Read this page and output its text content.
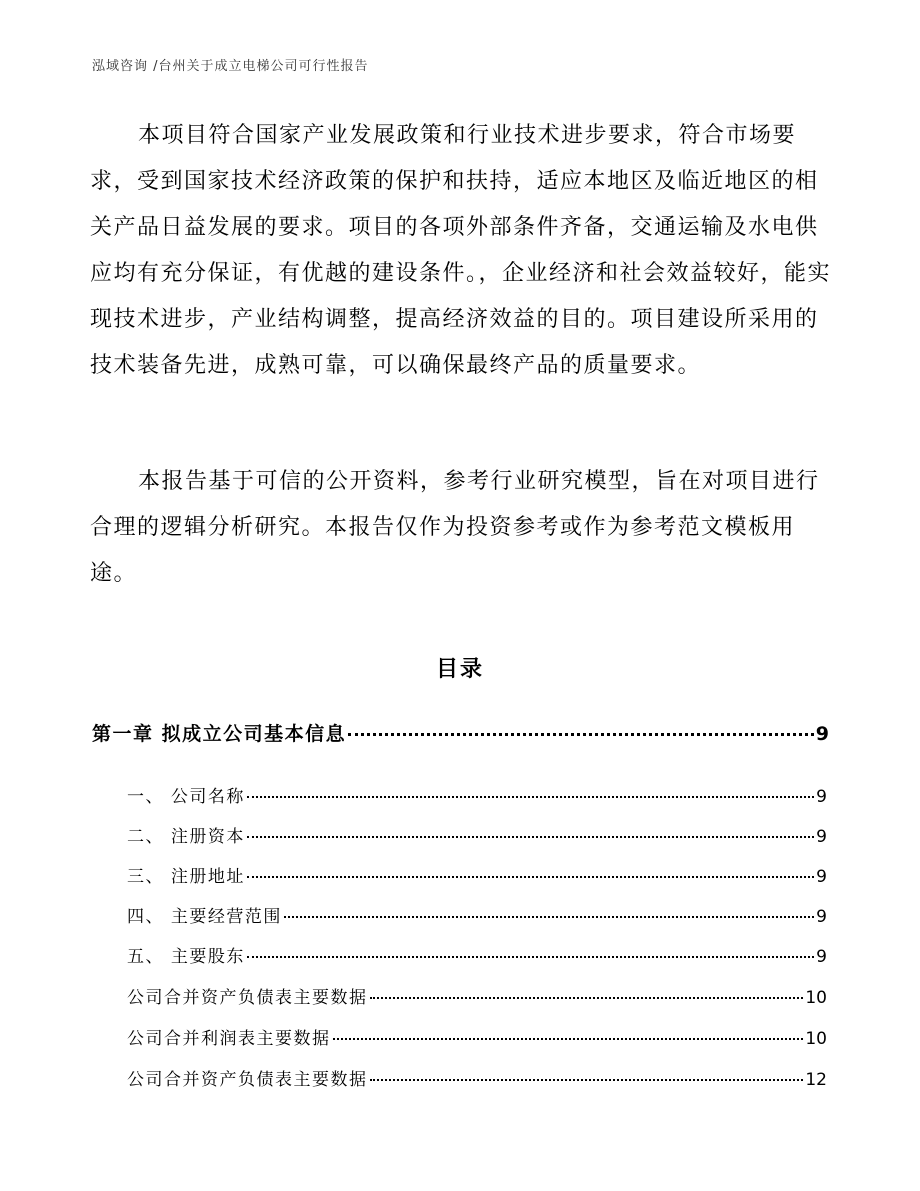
泓域咨询 /台州关于成立电梯公司可行性报告

本项目符合国家产业发展政策和行业技术进步要求，符合市场要求，受到国家技术经济政策的保护和扶持，适应本地区及临近地区的相关产品日益发展的要求。项目的各项外部条件齐备，交通运输及水电供应均有充分保证，有优越的建设条件。，企业经济和社会效益较好，能实现技术进步，产业结构调整，提高经济效益的目的。项目建设所采用的技术装备先进，成熟可靠，可以确保最终产品的质量要求。

本报告基于可信的公开资料，参考行业研究模型，旨在对项目进行合理的逻辑分析研究。本报告仅作为投资参考或作为参考范文模板用途。

目录
第一章 拟成立公司基本信息	9
一、 公司名称	9
二、 注册资本	9
三、 注册地址	9
四、 主要经营范围	9
五、 主要股东	9
公司合并资产负债表主要数据	10
公司合并利润表主要数据	10
公司合并资产负债表主要数据	12
